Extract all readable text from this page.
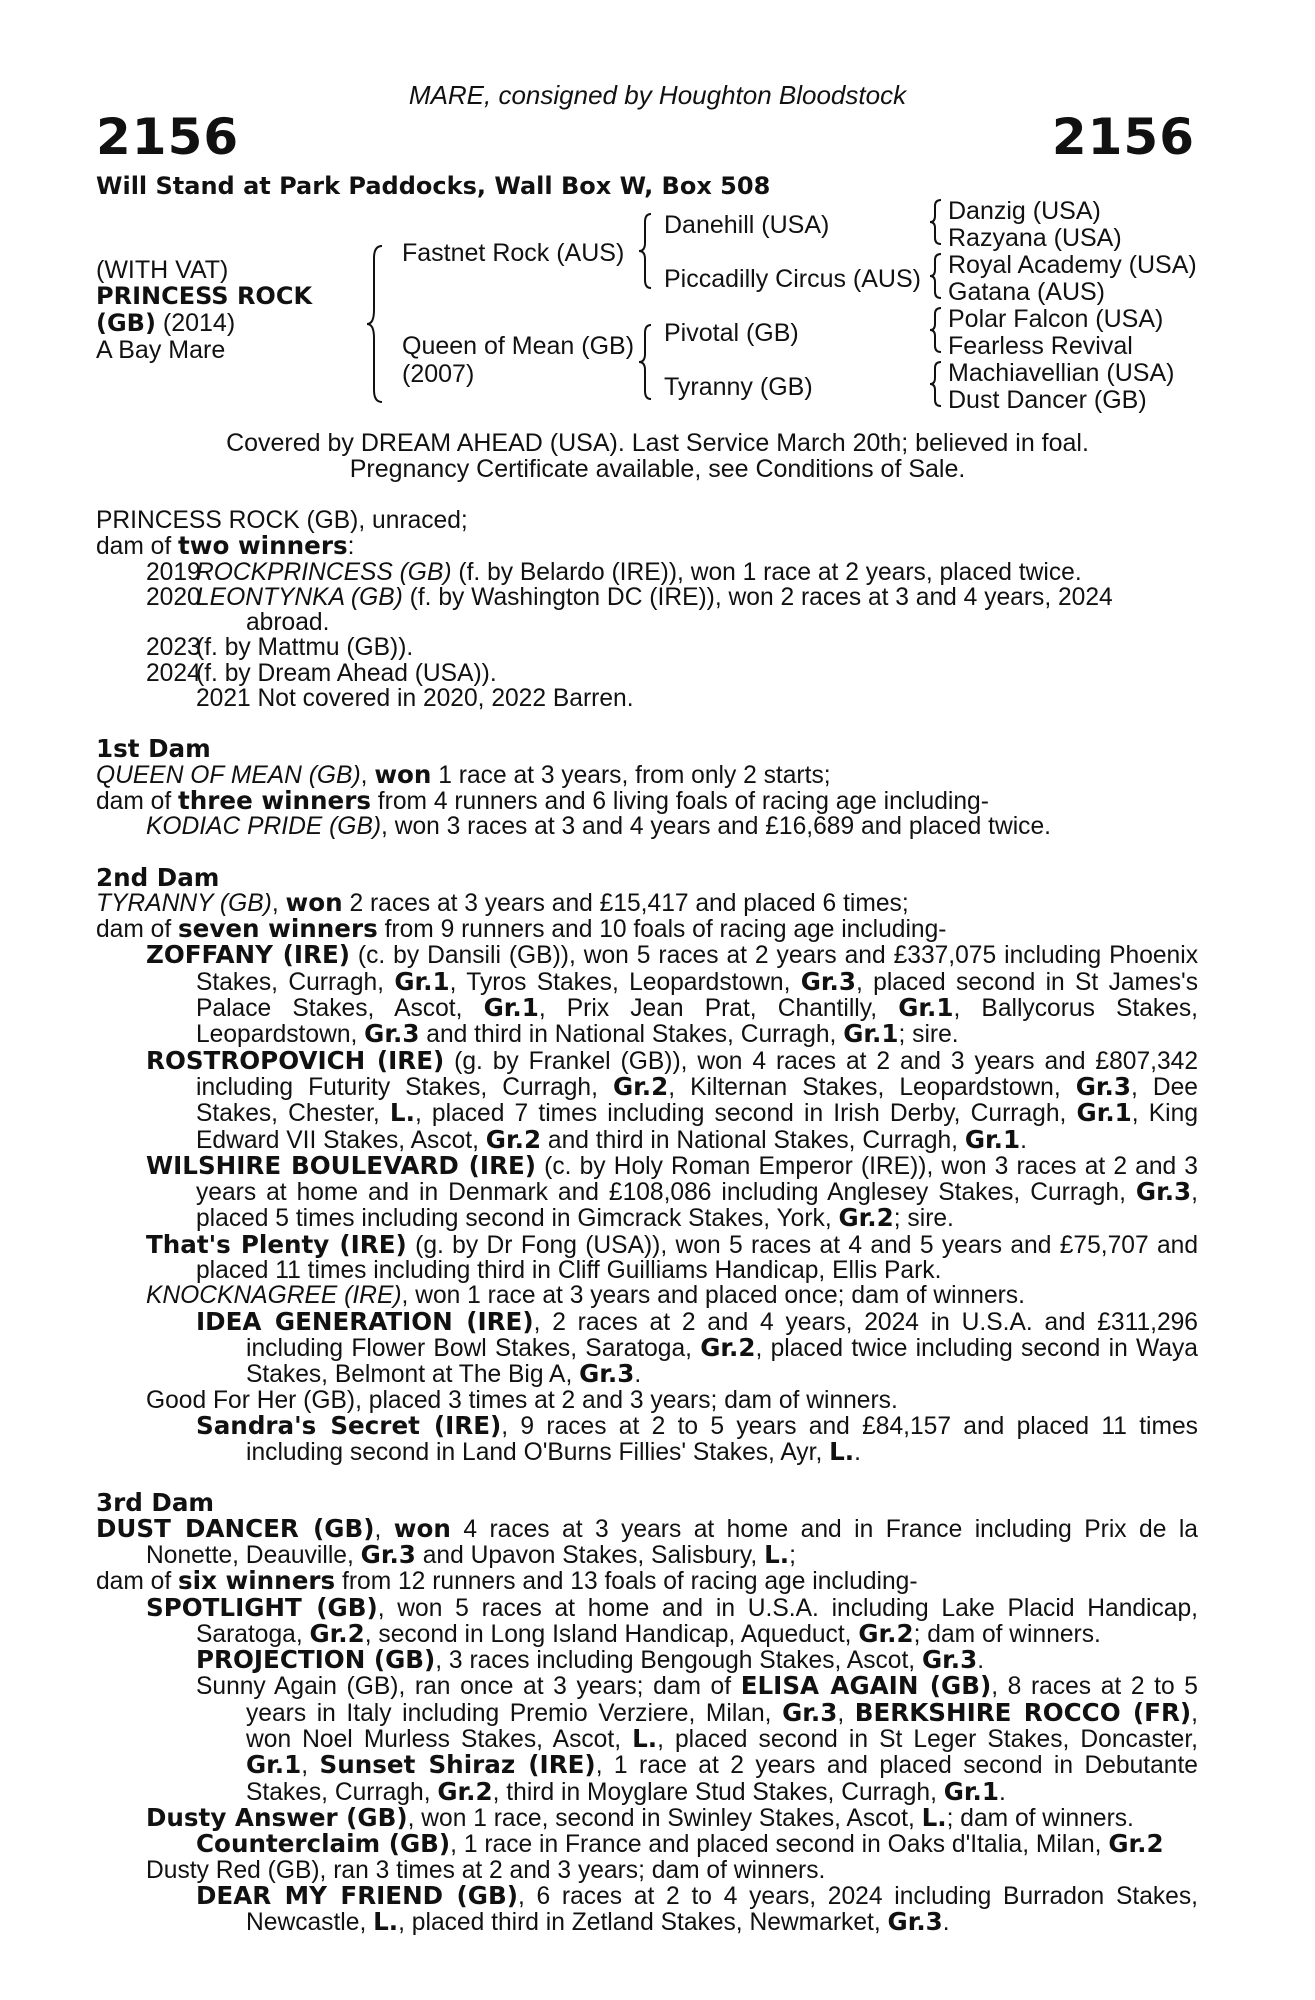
MARE, consigned by Houghton Bloodstock
2156	2156
Will Stand at Park Paddocks, Wall Box W, Box 508
(WITH VAT)
PRINCESS ROCK
(GB) (2014)
A Bay Mare
Fastnet Rock (AUS)
Queen of Mean (GB)
(2007)
Danehill (USA)
Piccadilly Circus (AUS)
Pivotal (GB)
Tyranny (GB)
Danzig (USA)
Razyana (USA)
Royal Academy (USA)
Gatana (AUS)
Polar Falcon (USA)
Fearless Revival
Machiavellian (USA)
Dust Dancer (GB)
Covered by DREAM AHEAD (USA). Last Service March 20th; believed in foal.
Pregnancy Certificate available, see Conditions of Sale.

PRINCESS ROCK (GB), unraced;

dam of two winners:

2019
ROCKPRINCESS (GB) (f. by Belardo (IRE)), won 1 race at 2 years, placed twice.
2020
LEONTYNKA (GB) (f. by Washington DC (IRE)), won 2 races at 3 and 4 years, 2024 abroad.
2023
(f. by Mattmu (GB)).
2024
(f. by Dream Ahead (USA)).
2021 Not covered in 2020, 2022 Barren.

1st Dam

QUEEN OF MEAN (GB), won 1 race at 3 years, from only 2 starts;

dam of three winners from 4 runners and 6 living foals of racing age including-

KODIAC PRIDE (GB), won 3 races at 3 and 4 years and £16,689 and placed twice.

2nd Dam

TYRANNY (GB), won 2 races at 3 years and £15,417 and placed 6 times;

dam of seven winners from 9 runners and 10 foals of racing age including-

ZOFFANY (IRE) (c. by Dansili (GB)), won 5 races at 2 years and £337,075 including Phoenix Stakes, Curragh, Gr.1, Tyros Stakes, Leopardstown, Gr.3, placed second in St James's Palace Stakes, Ascot, Gr.1, Prix Jean Prat, Chantilly, Gr.1, Ballycorus Stakes, Leopardstown, Gr.3 and third in National Stakes, Curragh, Gr.1; sire.

ROSTROPOVICH (IRE) (g. by Frankel (GB)), won 4 races at 2 and 3 years and £807,342 including Futurity Stakes, Curragh, Gr.2, Kilternan Stakes, Leopardstown, Gr.3, Dee Stakes, Chester, L., placed 7 times including second in Irish Derby, Curragh, Gr.1, King Edward VII Stakes, Ascot, Gr.2 and third in National Stakes, Curragh, Gr.1.

WILSHIRE BOULEVARD (IRE) (c. by Holy Roman Emperor (IRE)), won 3 races at 2 and 3 years at home and in Denmark and £108,086 including Anglesey Stakes, Curragh, Gr.3, placed 5 times including second in Gimcrack Stakes, York, Gr.2; sire.

That's Plenty (IRE) (g. by Dr Fong (USA)), won 5 races at 4 and 5 years and £75,707 and placed 11 times including third in Cliff Guilliams Handicap, Ellis Park.

KNOCKNAGREE (IRE), won 1 race at 3 years and placed once; dam of winners.

IDEA GENERATION (IRE), 2 races at 2 and 4 years, 2024 in U.S.A. and £311,296 including Flower Bowl Stakes, Saratoga, Gr.2, placed twice including second in Waya Stakes, Belmont at The Big A, Gr.3.

Good For Her (GB), placed 3 times at 2 and 3 years; dam of winners.

Sandra's Secret (IRE), 9 races at 2 to 5 years and £84,157 and placed 11 times including second in Land O'Burns Fillies' Stakes, Ayr, L..

3rd Dam

DUST DANCER (GB), won 4 races at 3 years at home and in France including Prix de la Nonette, Deauville, Gr.3 and Upavon Stakes, Salisbury, L.;

dam of six winners from 12 runners and 13 foals of racing age including-

SPOTLIGHT (GB), won 5 races at home and in U.S.A. including Lake Placid Handicap, Saratoga, Gr.2, second in Long Island Handicap, Aqueduct, Gr.2; dam of winners.

PROJECTION (GB), 3 races including Bengough Stakes, Ascot, Gr.3.

Sunny Again (GB), ran once at 3 years; dam of ELISA AGAIN (GB), 8 races at 2 to 5 years in Italy including Premio Verziere, Milan, Gr.3, BERKSHIRE ROCCO (FR), won Noel Murless Stakes, Ascot, L., placed second in St Leger Stakes, Doncaster, Gr.1, Sunset Shiraz (IRE), 1 race at 2 years and placed second in Debutante Stakes, Curragh, Gr.2, third in Moyglare Stud Stakes, Curragh, Gr.1.

Dusty Answer (GB), won 1 race, second in Swinley Stakes, Ascot, L.; dam of winners.

Counterclaim (GB), 1 race in France and placed second in Oaks d'Italia, Milan, Gr.2

Dusty Red (GB), ran 3 times at 2 and 3 years; dam of winners.

DEAR MY FRIEND (GB), 6 races at 2 to 4 years, 2024 including Burradon Stakes, Newcastle, L., placed third in Zetland Stakes, Newmarket, Gr.3.
